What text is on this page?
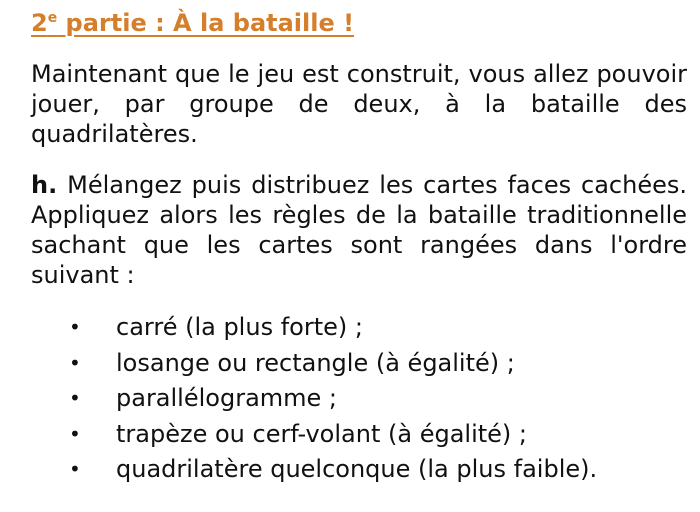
2e partie : À la bataille !
Maintenant que le jeu est construit, vous allez pouvoir jouer, par groupe de deux, à la bataille des quadrilatères.
h. Mélangez puis distribuez les cartes faces cachées. Appliquez alors les règles de la bataille traditionnelle sachant que les cartes sont rangées dans l'ordre suivant :
• carré (la plus forte) ;
• losange ou rectangle (à égalité) ;
• parallélogramme ;
• trapèze ou cerf-volant (à égalité) ;
• quadrilatère quelconque (la plus faible).
